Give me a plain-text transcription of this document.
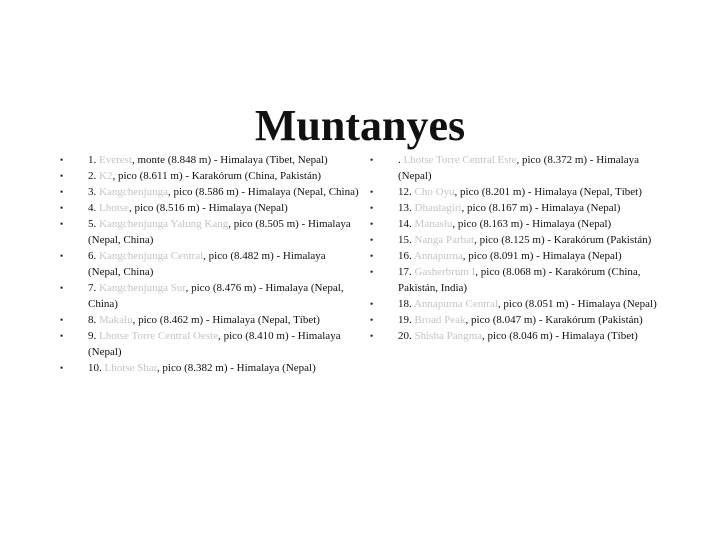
Muntanyes
• 1. Everest, monte (8.848 m) - Himalaya (Tibet, Nepal)
• 2. K2, pico (8.611 m) - Karakórum (China, Pakistán)
• 3. Kangchenjunga, pico (8.586 m) - Himalaya (Nepal, China)
• 4. Lhotse, pico (8.516 m) - Himalaya (Nepal)
• 5. Kangchenjunga Yalung Kang, pico (8.505 m) - Himalaya (Nepal, China)
• 6. Kangchenjunga Central, pico (8.482 m) - Himalaya (Nepal, China)
• 7. Kangchenjunga Sur, pico (8.476 m) - Himalaya (Nepal, China)
• 8. Makalu, pico (8.462 m) - Himalaya (Nepal, Tíbet)
• 9. Lhotse Torre Central Oeste, pico (8.410 m) - Himalaya (Nepal)
• 10. Lhotse Shar, pico (8.382 m) - Himalaya (Nepal)
• . Lhotse Torre Central Este, pico (8.372 m) - Himalaya (Nepal)
• 12. Cho Oyu, pico (8.201 m) - Himalaya (Nepal, Tíbet)
• 13. Dhaulagiri, pico (8.167 m) - Himalaya (Nepal)
• 14. Manaslu, pico (8.163 m) - Himalaya (Nepal)
• 15. Nanga Parbat, pico (8.125 m) - Karakórum (Pakistán)
• 16. Annapurna, pico (8.091 m) - Himalaya (Nepal)
• 17. Gasherbrum I, pico (8.068 m) - Karakórum (China, Pakistán, India)
• 18. Annapurna Central, pico (8.051 m) - Himalaya (Nepal)
• 19. Broad Peak, pico (8.047 m) - Karakórum (Pakistán)
• 20. Shisha Pangma, pico (8.046 m) - Himalaya (Tíbet)
